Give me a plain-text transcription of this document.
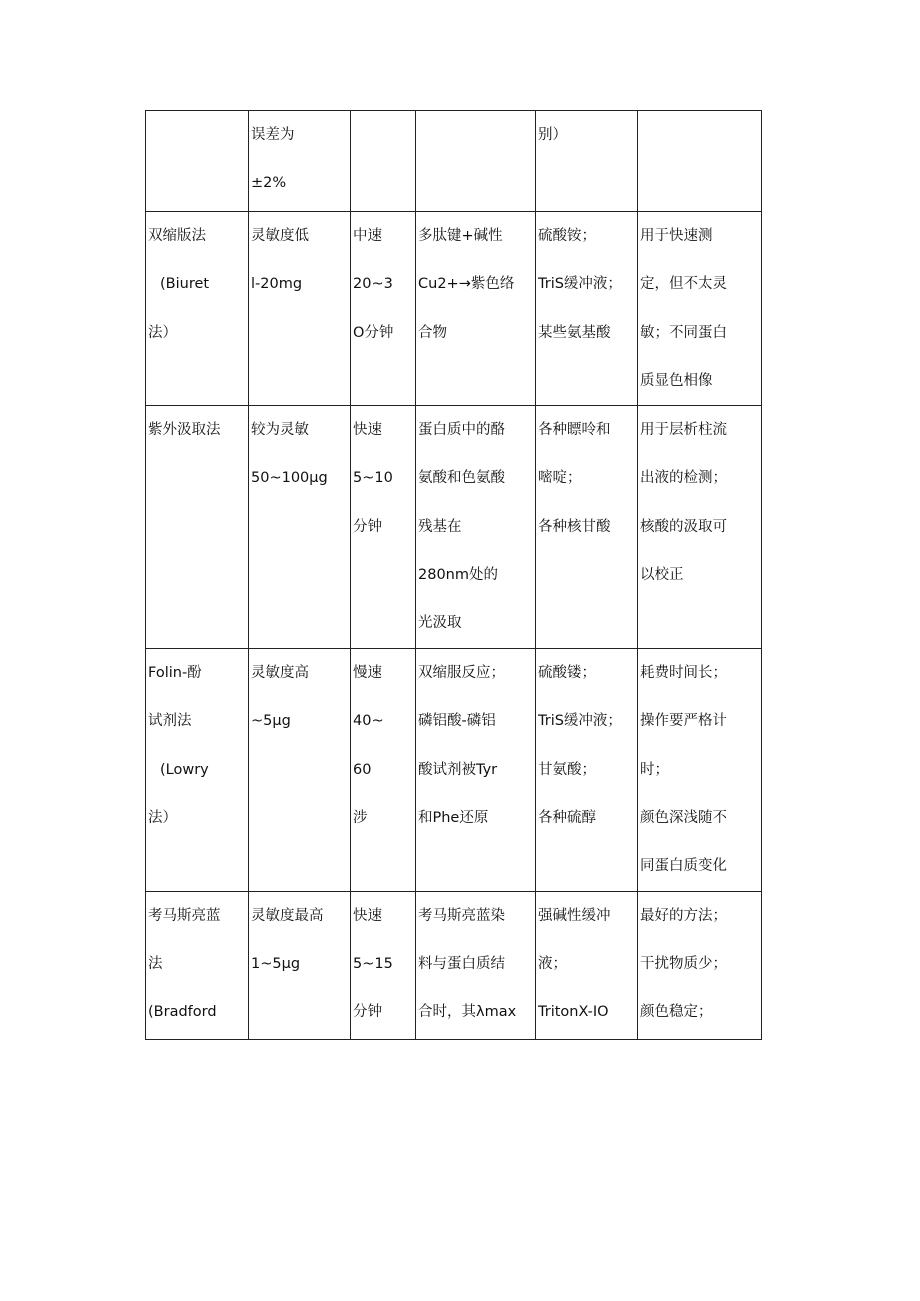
	误差为
±2%			别）	

双缩版法
(Biuret
法）	灵敏度低
l-20mg	中速
20~3
O分钟	多肽键+碱性
Cu2+→紫色络
合物	硫酸铵；
TriS缓冲液；
某些氨基酸	用于快速测
定，但不太灵
敏；不同蛋白
质显色相像

紫外汲取法	较为灵敏
50~100μg	快速
5~10
分钟	蛋白质中的酪
氨酸和色氨酸
残基在
280nm处的
光汲取	各种瞟呤和
嘧啶；
各种核甘酸	用于层析柱流
出液的检测；
核酸的汲取可
以校正

Folin-酚
试剂法
(Lowry
法）	灵敏度高
~5μg	慢速
40~
60
涉	双缩服反应；
磷铝酸-磷铝
酸试剂被Tyr
和Phe还原	硫酸镂；
TriS缓冲液；
甘氨酸；
各种硫醇	耗费时间长；
操作要严格计
时；
颜色深浅随不
同蛋白质变化

考马斯亮蓝
法
(Bradford	灵敏度最高
1~5μg	快速
5~15
分钟	考马斯亮蓝染
料与蛋白质结
合时，其λmax	强碱性缓冲
液；
TritonX-IO	最好的方法；
干扰物质少；
颜色稳定；
